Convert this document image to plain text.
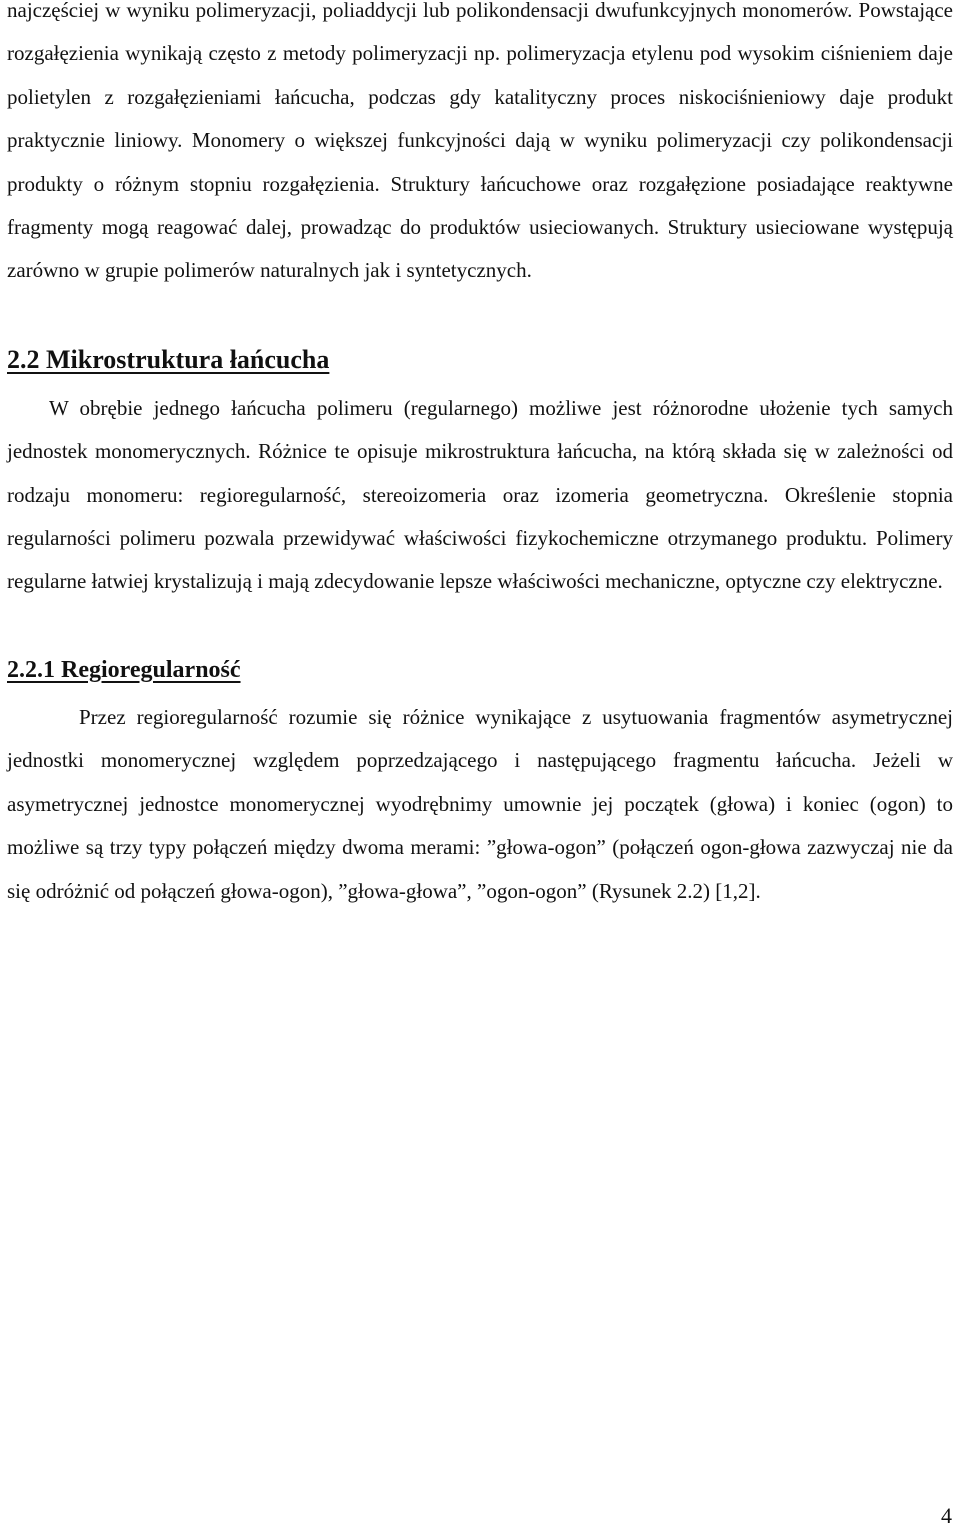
najczęściej w wyniku polimeryzacji, poliaddycji lub polikondensacji dwufunkcyjnych monomerów. Powstające rozgałęzienia wynikają często z metody polimeryzacji np. polimeryzacja etylenu pod wysokim ciśnieniem daje polietylen z rozgałęzieniami łańcucha, podczas gdy katalityczny proces niskociśnieniowy daje produkt praktycznie liniowy. Monomery o większej funkcyjności dają w wyniku polimeryzacji czy polikondensacji produkty o różnym stopniu rozgałęzienia. Struktury łańcuchowe oraz rozgałęzione posiadające reaktywne fragmenty mogą reagować dalej, prowadząc do produktów usieciowanych. Struktury usieciowane występują zarówno w grupie polimerów naturalnych jak i syntetycznych.

2.2 Mikrostruktura łańcucha

W obrębie jednego łańcucha polimeru (regularnego) możliwe jest różnorodne ułożenie tych samych jednostek monomerycznych. Różnice te opisuje mikrostruktura łańcucha, na którą składa się w zależności od rodzaju monomeru: regioregularność, stereoizomeria oraz izomeria geometryczna. Określenie stopnia regularności polimeru pozwala przewidywać właściwości fizykochemiczne otrzymanego produktu. Polimery regularne łatwiej krystalizują i mają zdecydowanie lepsze właściwości mechaniczne, optyczne czy elektryczne.

2.2.1 Regioregularność

Przez regioregularność rozumie się różnice wynikające z usytuowania fragmentów asymetrycznej jednostki monomerycznej względem poprzedzającego i następującego fragmentu łańcucha. Jeżeli w asymetrycznej jednostce monomerycznej wyodrębnimy umownie jej początek (głowa) i koniec (ogon) to możliwe są trzy typy połączeń między dwoma merami: ”głowa-ogon” (połączeń ogon-głowa zazwyczaj nie da się odróżnić od połączeń głowa-ogon), ”głowa-głowa”, ”ogon-ogon” (Rysunek 2.2) [1,2].

4
